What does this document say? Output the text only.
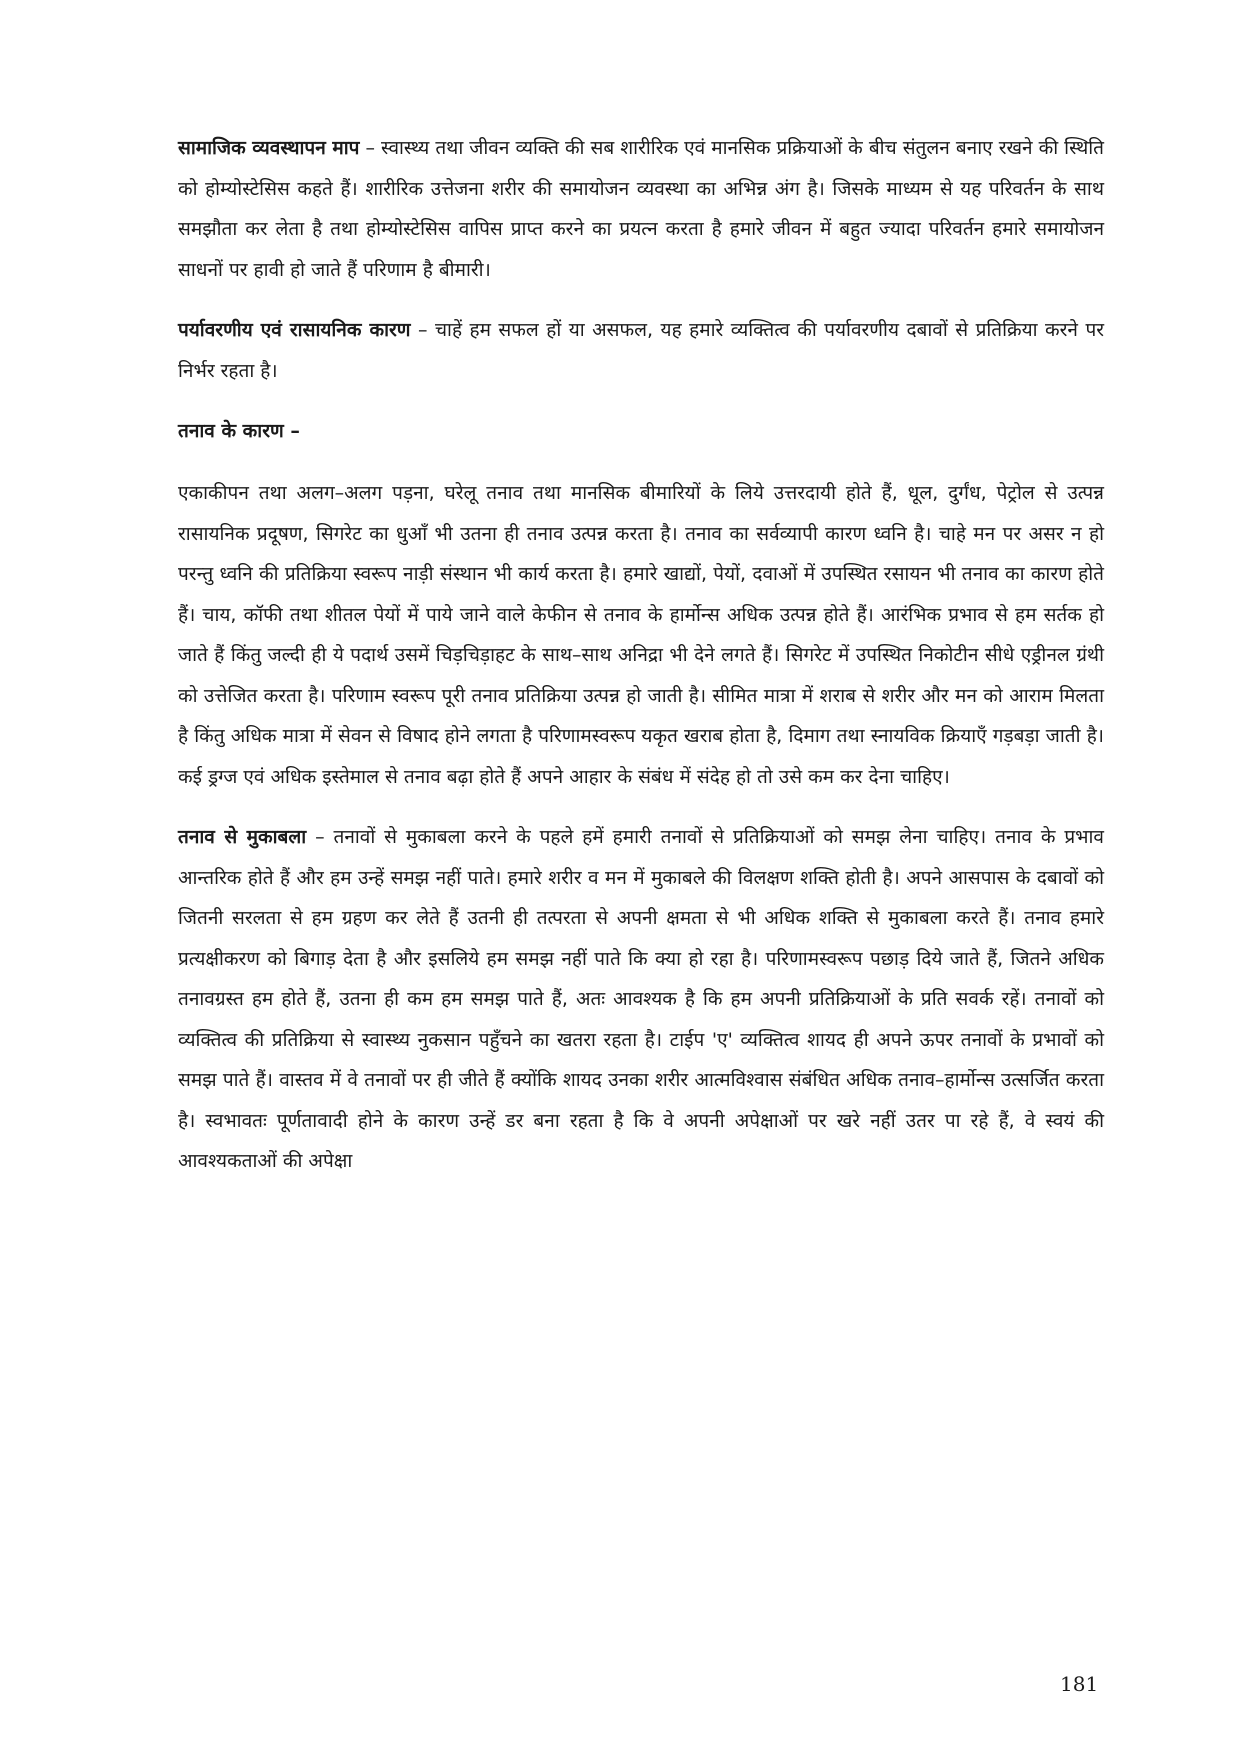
सामाजिक व्यवस्थापन माप – स्वास्थ्य तथा जीवन व्यक्ति की सब शारीरिक एवं मानसिक प्रक्रियाओं के बीच संतुलन बनाए रखने की स्थिति को होम्योस्टेसिस कहते हैं। शारीरिक उत्तेजना शरीर की समायोजन व्यवस्था का अभिन्न अंग है। जिसके माध्यम से यह परिवर्तन के साथ समझौता कर लेता है तथा होम्योस्टेसिस वापिस प्राप्त करने का प्रयत्न करता है हमारे जीवन में बहुत ज्यादा परिवर्तन हमारे समायोजन साधनों पर हावी हो जाते हैं परिणाम है बीमारी।

पर्यावरणीय एवं रासायनिक कारण – चाहें हम सफल हों या असफल, यह हमारे व्यक्तित्व की पर्यावरणीय दबावों से प्रतिक्रिया करने पर निर्भर रहता है।

तनाव के कारण –

एकाकीपन तथा अलग–अलग पड़ना, घरेलू तनाव तथा मानसिक बीमारियों के लिये उत्तरदायी होते हैं, धूल, दुर्गंध, पेट्रोल से उत्पन्न रासायनिक प्रदूषण, सिगरेट का धुआँ भी उतना ही तनाव उत्पन्न करता है। तनाव का सर्वव्यापी कारण ध्वनि है। चाहे मन पर असर न हो परन्तु ध्वनि की प्रतिक्रिया स्वरूप नाड़ी संस्थान भी कार्य करता है। हमारे खाद्यों, पेयों, दवाओं में उपस्थित रसायन भी तनाव का कारण होते हैं। चाय, कॉफी तथा शीतल पेयों में पाये जाने वाले केफीन से तनाव के हार्मोन्स अधिक उत्पन्न होते हैं। आरंभिक प्रभाव से हम सर्तक हो जाते हैं किंतु जल्दी ही ये पदार्थ उसमें चिड़चिड़ाहट के साथ–साथ अनिद्रा भी देने लगते हैं। सिगरेट में उपस्थित निकोटीन सीधे एड्रीनल ग्रंथी को उत्तेजित करता है। परिणाम स्वरूप पूरी तनाव प्रतिक्रिया उत्पन्न हो जाती है। सीमित मात्रा में शराब से शरीर और मन को आराम मिलता है किंतु अधिक मात्रा में सेवन से विषाद होने लगता है परिणामस्वरूप यकृत खराब होता है, दिमाग तथा स्नायविक क्रियाएँ गड़बड़ा जाती है। कई ड्रग्ज एवं अधिक इस्तेमाल से तनाव बढ़ा होते हैं अपने आहार के संबंध में संदेह हो तो उसे कम कर देना चाहिए।

तनाव से मुकाबला – तनावों से मुकाबला करने के पहले हमें हमारी तनावों से प्रतिक्रियाओं को समझ लेना चाहिए। तनाव के प्रभाव आन्तरिक होते हैं और हम उन्हें समझ नहीं पाते। हमारे शरीर व मन में मुकाबले की विलक्षण शक्ति होती है। अपने आसपास के दबावों को जितनी सरलता से हम ग्रहण कर लेते हैं उतनी ही तत्परता से अपनी क्षमता से भी अधिक शक्ति से मुकाबला करते हैं। तनाव हमारे प्रत्यक्षीकरण को बिगाड़ देता है और इसलिये हम समझ नहीं पाते कि क्या हो रहा है। परिणामस्वरूप पछाड़ दिये जाते हैं, जितने अधिक तनावग्रस्त हम होते हैं, उतना ही कम हम समझ पाते हैं, अतः आवश्यक है कि हम अपनी प्रतिक्रियाओं के प्रति सवर्क रहें। तनावों को व्यक्तित्व की प्रतिक्रिया से स्वास्थ्य नुकसान पहुँचने का खतरा रहता है। टाईप 'ए' व्यक्तित्व शायद ही अपने ऊपर तनावों के प्रभावों को समझ पाते हैं। वास्तव में वे तनावों पर ही जीते हैं क्योंकि शायद उनका शरीर आत्मविश्वास संबंधित अधिक तनाव–हार्मोन्स उत्सर्जित करता है। स्वभावतः पूर्णतावादी होने के कारण उन्हें डर बना रहता है कि वे अपनी अपेक्षाओं पर खरे नहीं उतर पा रहे हैं, वे स्वयं की आवश्यकताओं की अपेक्षा

181
